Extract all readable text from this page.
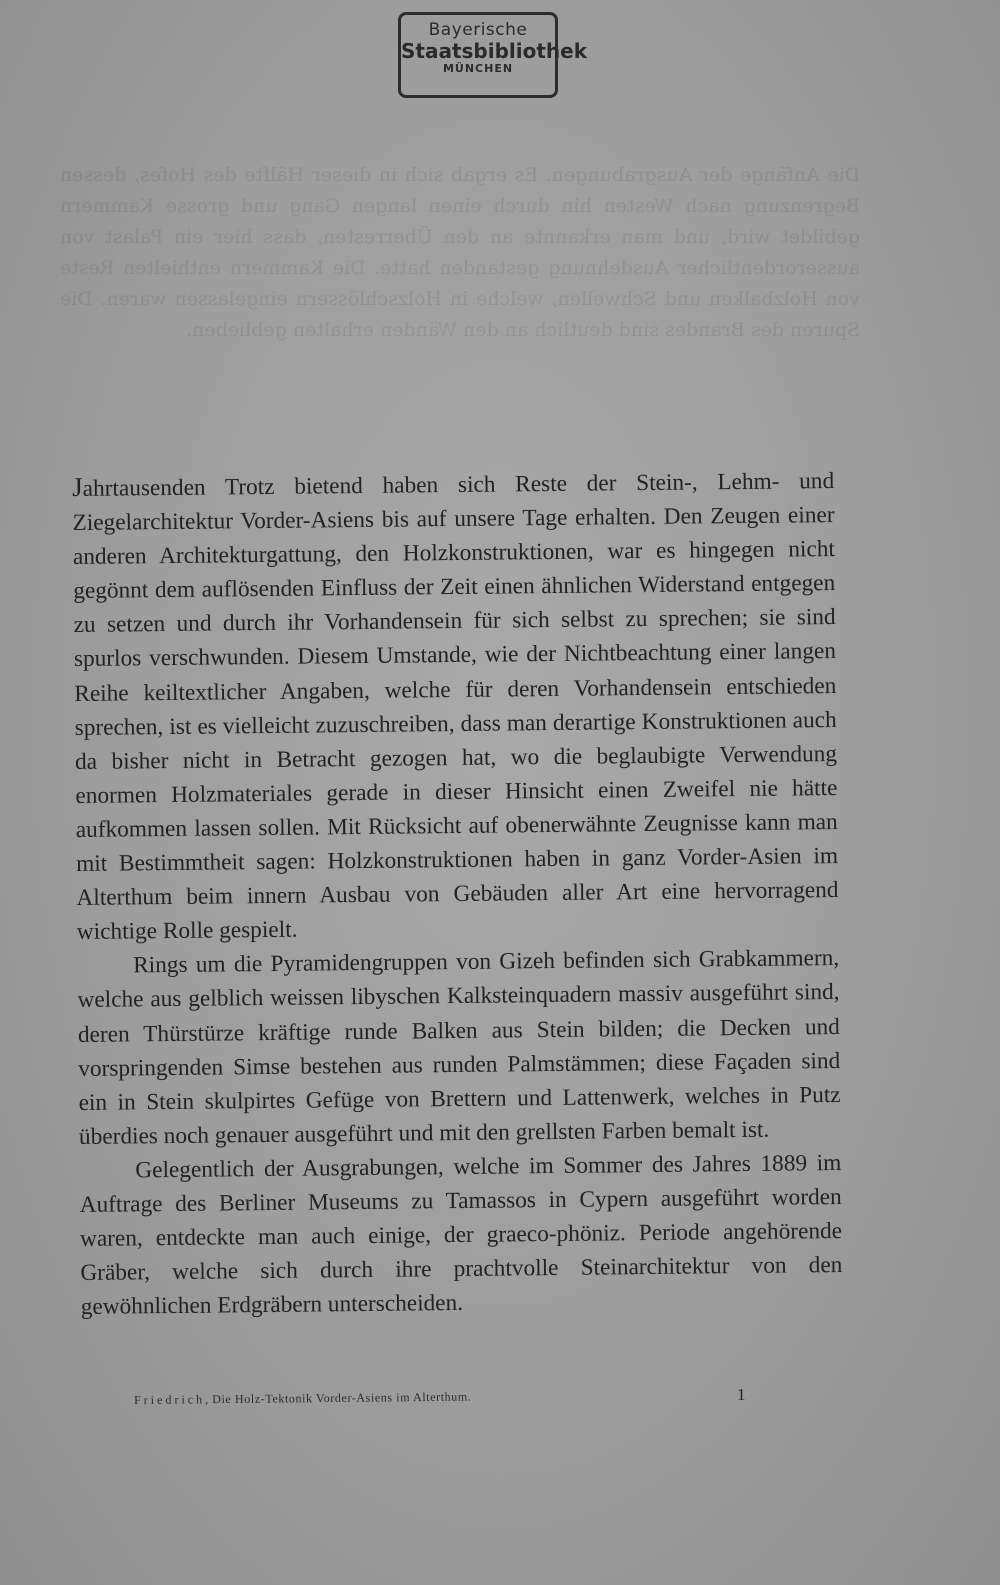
Bayerische
Staatsbibliothek
MÜNCHEN
Die Anfänge der Ausgrabungen. Es ergab sich in dieser Hälfte des Hofes, dessen Begrenzung nach Westen hin durch einen langen Gang und grosse Kammern gebildet wird, und man erkannte an den Überresten, dass hier ein Palast von ausserordentlicher Ausdehnung gestanden hatte. Die Kammern enthielten Reste von Holzbalken und Schwellen, welche in Holzschlössern eingelassen waren. Die Spuren des Brandes sind deutlich an den Wänden erhalten geblieben.

Jahrtausenden Trotz bietend haben sich Reste der Stein-, Lehm- und Ziegelarchitektur Vorder-Asiens bis auf unsere Tage erhalten. Den Zeugen einer anderen Architekturgattung, den Holzkonstruktionen, war es hingegen nicht gegönnt dem auflösenden Einfluss der Zeit einen ähnlichen Widerstand entgegen zu setzen und durch ihr Vorhandensein für sich selbst zu sprechen; sie sind spurlos verschwunden. Diesem Umstande, wie der Nichtbeachtung einer langen Reihe keiltextlicher Angaben, welche für deren Vorhandensein entschieden sprechen, ist es vielleicht zuzuschreiben, dass man derartige Konstruktionen auch da bisher nicht in Betracht gezogen hat, wo die beglaubigte Verwendung enormen Holzmateriales gerade in dieser Hinsicht einen Zweifel nie hätte aufkommen lassen sollen. Mit Rücksicht auf obenerwähnte Zeugnisse kann man mit Bestimmtheit sagen: Holzkonstruktionen haben in ganz Vorder-Asien im Alterthum beim innern Ausbau von Gebäuden aller Art eine hervorragend wichtige Rolle gespielt.

Rings um die Pyramidengruppen von Gizeh befinden sich Grabkammern, welche aus gelblich weissen libyschen Kalksteinquadern massiv ausgeführt sind, deren Thürstürze kräftige runde Balken aus Stein bilden; die Decken und vorspringenden Simse bestehen aus runden Palmstämmen; diese Façaden sind ein in Stein skulpirtes Gefüge von Brettern und Lattenwerk, welches in Putz überdies noch genauer ausgeführt und mit den grellsten Farben bemalt ist.

Gelegentlich der Ausgrabungen, welche im Sommer des Jahres 1889 im Auftrage des Berliner Museums zu Tamassos in Cypern ausgeführt worden waren, entdeckte man auch einige, der graeco-phöniz. Periode angehörende Gräber, welche sich durch ihre prachtvolle Steinarchitektur von den gewöhnlichen Erdgräbern unterscheiden.

Friedrich, Die Holz-Tektonik Vorder-Asiens im Alterthum.	1
